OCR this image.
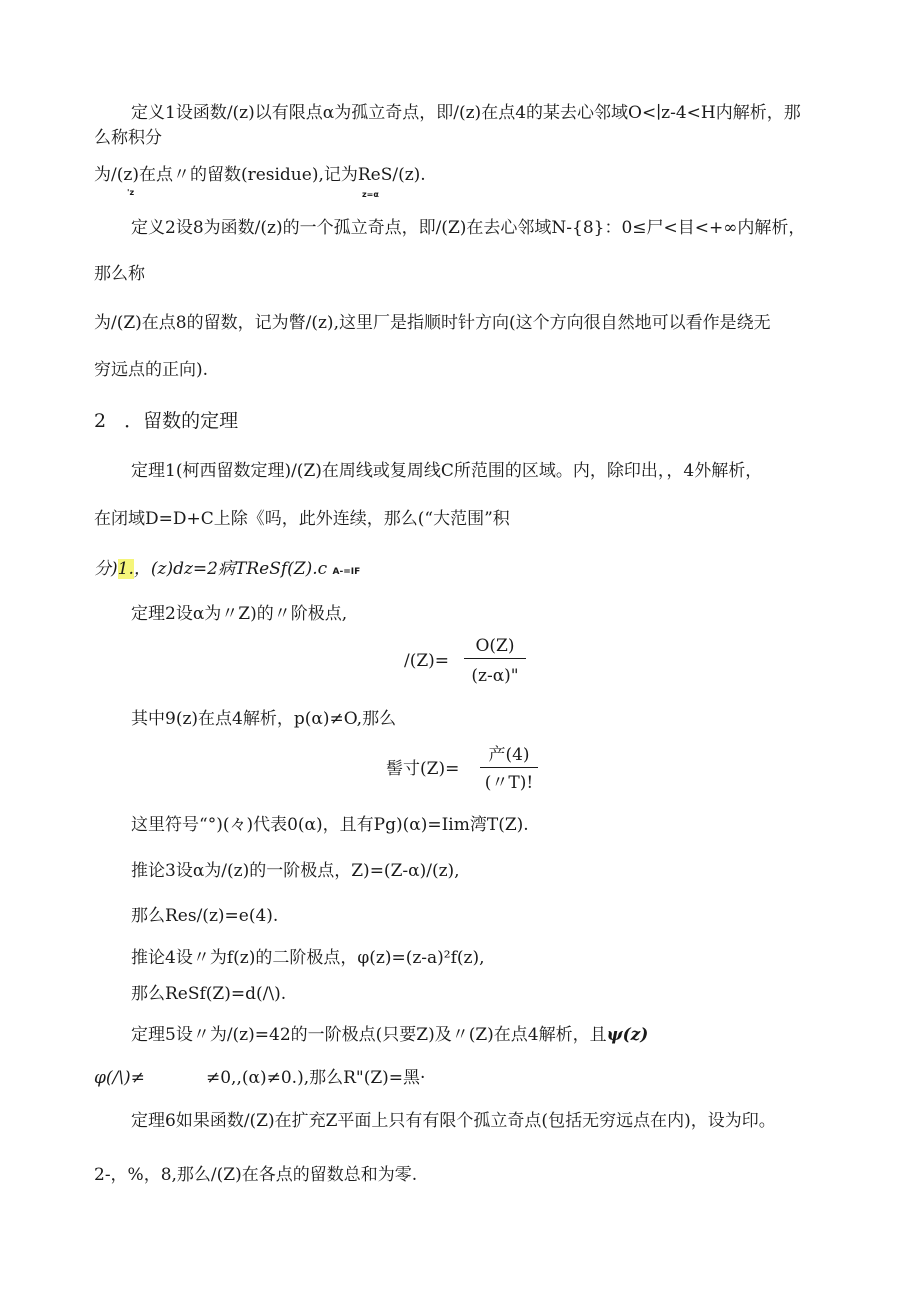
定义1设函数/(z)以有限点α为孤立奇点，即/(z)在点4的某去心邻域O<∣z-4<H内解析，那
么称积分
为/(z)在点〃的留数(residue),记为ReS/(z).
'z	z=α
定义2设8为函数/(z)的一个孤立奇点，即/(Z)在去心邻域N-{8}：0≤尸<目<+∞内解析，
那么称
为/(Z)在点8的留数，记为瞥/(z),这里厂是指顺时针方向(这个方向很自然地可以看作是绕无
穷远点的正向).
2 ．留数的定理
定理1(柯西留数定理)/(Z)在周线或复周线C所范围的区域。内，除印出，，4外解析，
在闭域D=D+C上除《吗，此外连续，那么(“大范围”积
分)1.，(z)dz=2病TReSf(Z).c A-=IF
定理2设α为〃Z)的〃阶极点,
/(Z)=
O(Z)
(z-α)"
其中9(z)在点4解析，p(α)≠O,那么
髻寸(Z)=
产(4)
(〃T)!
这里符号“°)(々)代表0(α)，且有Pg)(α)=Iim湾T(Z).
推论3设α为/(z)的一阶极点，Z)=(Z-α)/(z),
那么Res/(z)=e(4).
推论4设〃为f(z)的二阶极点，φ(z)=(z-a)²f(z),
那么ReSf(Z)=d(/\).
定理5设〃为/(z)=42的一阶极点(只要Z)及〃(Z)在点4解析，且ψ(z)
φ(/\)≠	≠0,,(α)≠0.),那么R"(Z)=黑·
定理6如果函数/(Z)在扩充Z平面上只有有限个孤立奇点(包括无穷远点在内)，设为印。
2-，%，8,那么/(Z)在各点的留数总和为零.
